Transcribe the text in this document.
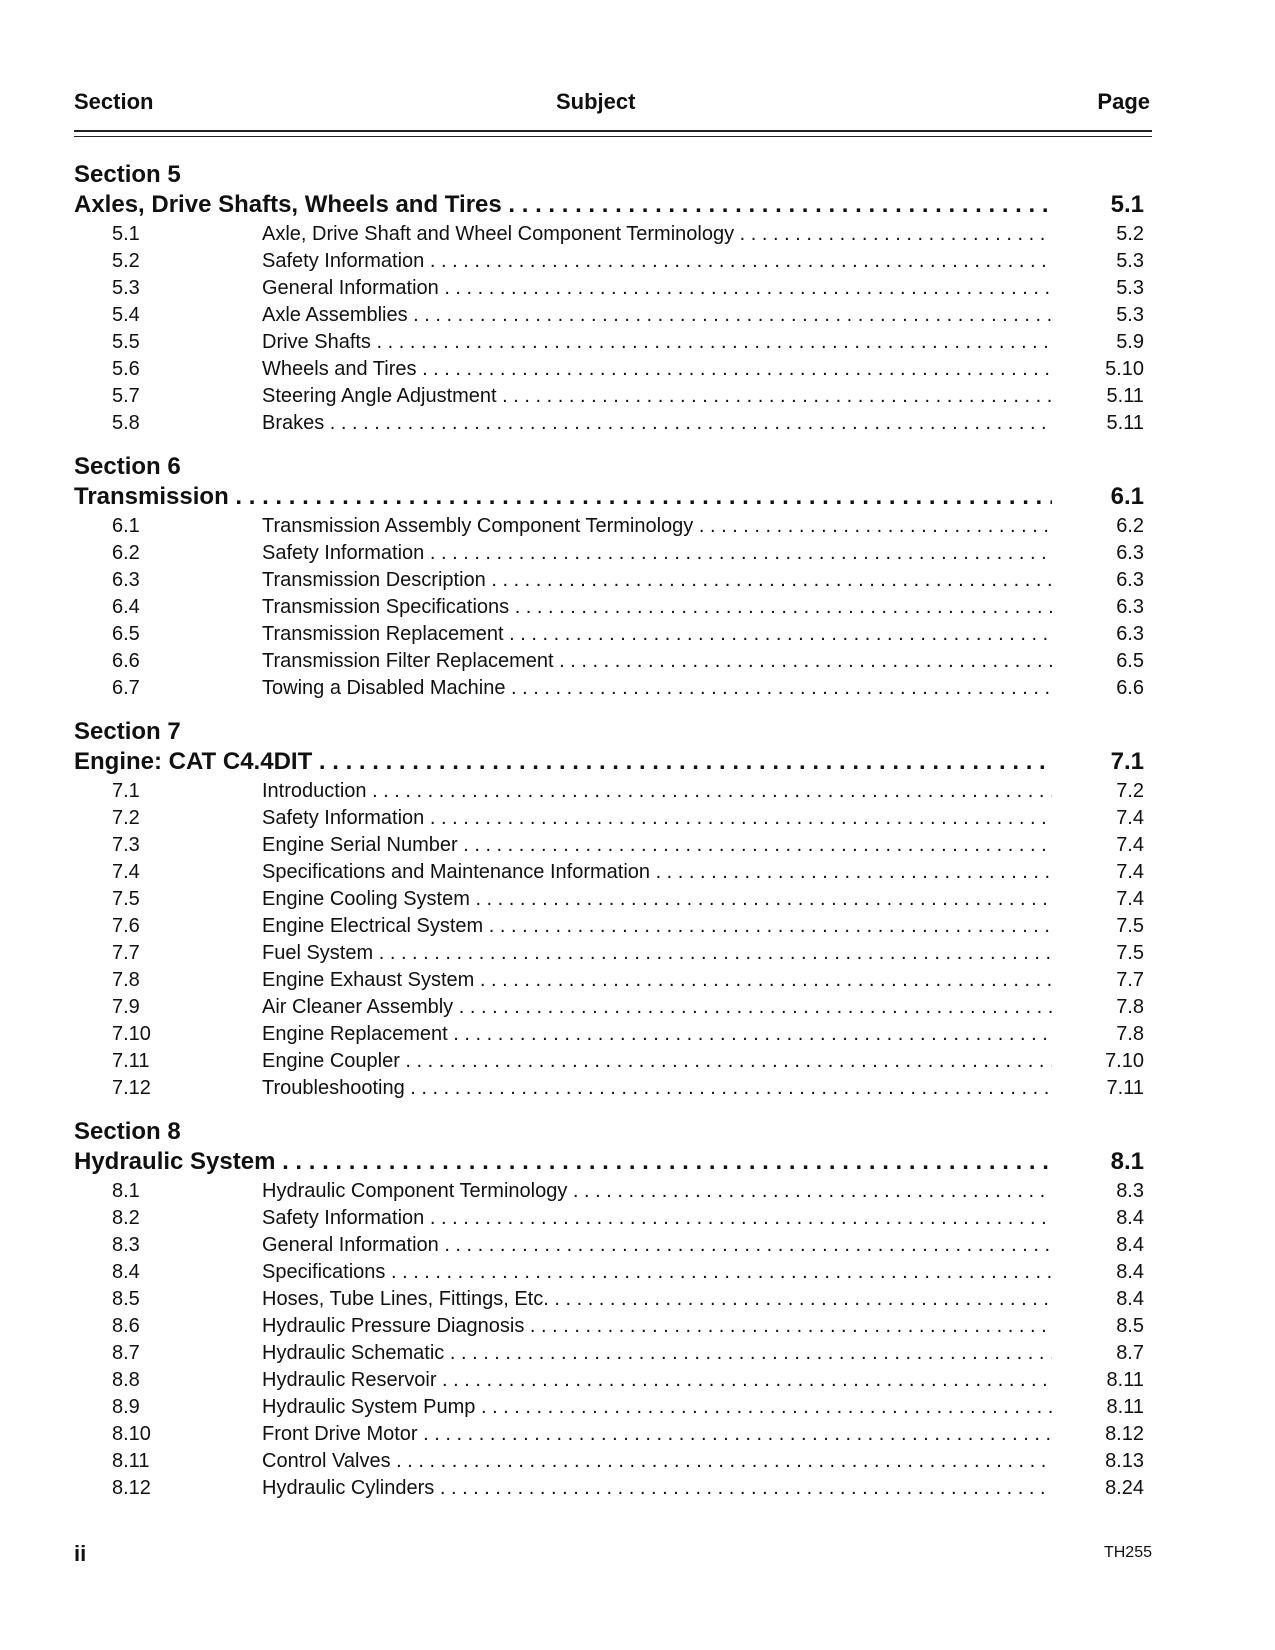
Section	Subject	Page
Section 5
Axles, Drive Shafts, Wheels and Tires . . .	5.1
5.1	Axle, Drive Shaft and Wheel Component Terminology . . .	5.2
5.2	Safety Information . . .	5.3
5.3	General Information . . .	5.3
5.4	Axle Assemblies . . .	5.3
5.5	Drive Shafts . . .	5.9
5.6	Wheels and Tires . . .	5.10
5.7	Steering Angle Adjustment . . .	5.11
5.8	Brakes . . .	5.11
Section 6
Transmission . . .	6.1
6.1	Transmission Assembly Component Terminology . . .	6.2
6.2	Safety Information . . .	6.3
6.3	Transmission Description . . .	6.3
6.4	Transmission Specifications . . .	6.3
6.5	Transmission Replacement . . .	6.3
6.6	Transmission Filter Replacement . . .	6.5
6.7	Towing a Disabled Machine . . .	6.6
Section 7
Engine: CAT C4.4DIT . . .	7.1
7.1	Introduction . . .	7.2
7.2	Safety Information . . .	7.4
7.3	Engine Serial Number . . .	7.4
7.4	Specifications and Maintenance Information . . .	7.4
7.5	Engine Cooling System . . .	7.4
7.6	Engine Electrical System . . .	7.5
7.7	Fuel System . . .	7.5
7.8	Engine Exhaust System . . .	7.7
7.9	Air Cleaner Assembly . . .	7.8
7.10	Engine Replacement . . .	7.8
7.11	Engine Coupler . . .	7.10
7.12	Troubleshooting . . .	7.11
Section 8
Hydraulic System . . .	8.1
8.1	Hydraulic Component Terminology . . .	8.3
8.2	Safety Information . . .	8.4
8.3	General Information . . .	8.4
8.4	Specifications . . .	8.4
8.5	Hoses, Tube Lines, Fittings, Etc. . . .	8.4
8.6	Hydraulic Pressure Diagnosis . . .	8.5
8.7	Hydraulic Schematic . . .	8.7
8.8	Hydraulic Reservoir . . .	8.11
8.9	Hydraulic System Pump . . .	8.11
8.10	Front Drive Motor . . .	8.12
8.11	Control Valves . . .	8.13
8.12	Hydraulic Cylinders . . .	8.24
ii	TH255
